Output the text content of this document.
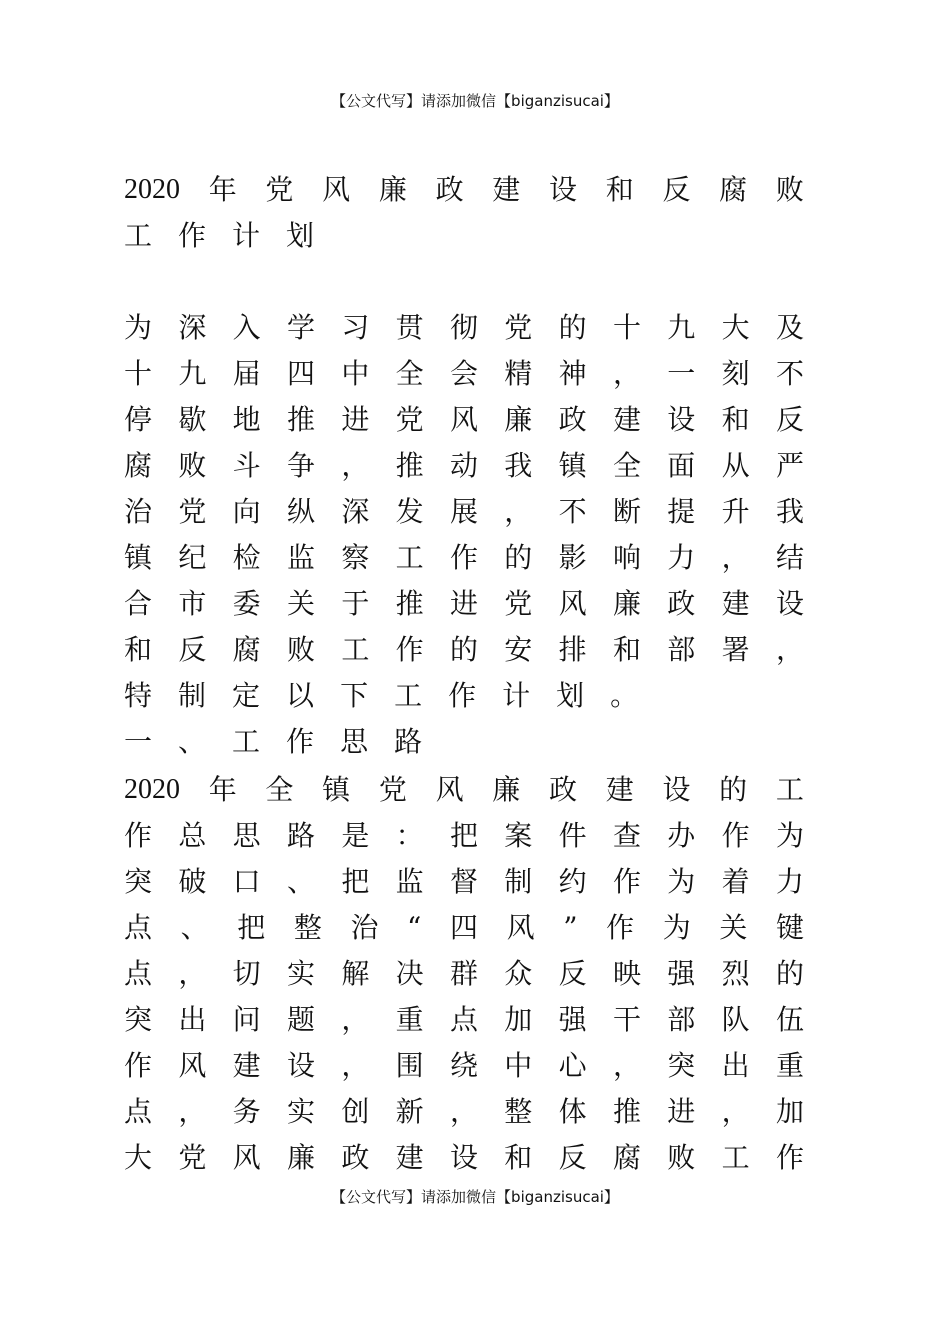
【公文代写】请添加微信【biganzisucai】
2020 年 党 风 廉 政 建 设 和 反 腐 败
工 作 计 划
为 深 入 学 习 贯 彻 党 的 十 九 大 及
十 九 届 四 中 全 会 精 神 ， 一 刻 不
停 歇 地 推 进 党 风 廉 政 建 设 和 反
腐 败 斗 争 ， 推 动 我 镇 全 面 从 严
治 党 向 纵 深 发 展 ， 不 断 提 升 我
镇 纪 检 监 察 工 作 的 影 响 力 ， 结
合 市 委 关 于 推 进 党 风 廉 政 建 设
和 反 腐 败 工 作 的 安 排 和 部 署 ，
特 制 定 以 下 工 作 计 划 。
一 、 工 作 思 路
2020 年 全 镇 党 风 廉 政 建 设 的 工
作 总 思 路 是 ： 把 案 件 查 办 作 为
突 破 口 、 把 监 督 制 约 作 为 着 力
点 、 把 整 治 “ 四 风 ” 作 为 关 键
点 ， 切 实 解 决 群 众 反 映 强 烈 的
突 出 问 题 ， 重 点 加 强 干 部 队 伍
作 风 建 设 ， 围 绕 中 心 ， 突 出 重
点 ， 务 实 创 新 ， 整 体 推 进 ， 加
大 党 风 廉 政 建 设 和 反 腐 败 工 作
【公文代写】请添加微信【biganzisucai】
